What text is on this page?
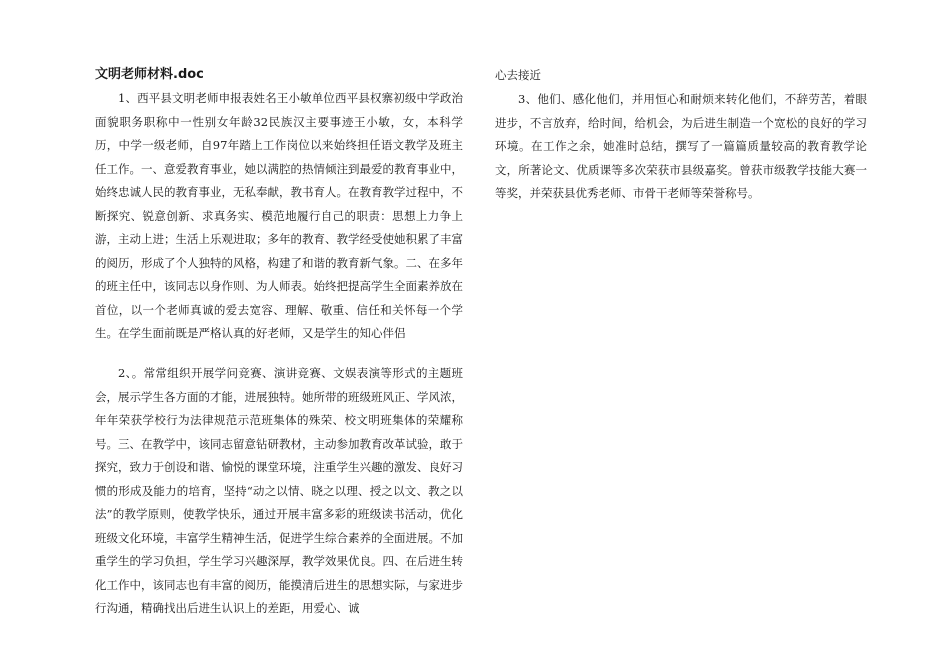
文明老师材料.doc

1、西平县文明老师申报表姓名王小敏单位西平县权寨初级中学政治面貌职务职称中一性别女年龄32民族汉主要事迹王小敏，女，本科学历，中学一级老师，自97年踏上工作岗位以来始终担任语文教学及班主任工作。一、意爱教育事业，她以满腔的热情倾注到最爱的教育事业中，始终忠诚人民的教育事业，无私奉献，教书育人。在教育教学过程中，不断探究、锐意创新、求真务实、模范地履行自己的职责：思想上力争上游，主动上进；生活上乐观进取；多年的教育、教学经受使她积累了丰富的阅历，形成了个人独特的风格，构建了和谐的教育新气象。二、在多年的班主任中，该同志以身作则、为人师表。始终把提高学生全面素养放在首位，以一个老师真诚的爱去宽容、理解、敬重、信任和关怀每一个学生。在学生面前既是严格认真的好老师，又是学生的知心伴侣

2、。常常组织开展学问竞赛、演讲竞赛、文娱表演等形式的主题班会，展示学生各方面的才能，进展独特。她所带的班级班风正、学风浓，年年荣获学校行为法律规范示范班集体的殊荣、校文明班集体的荣耀称号。三、在教学中，该同志留意钻研教材，主动参加教育改革试验，敢于探究，致力于创设和谐、愉悦的课堂环境，注重学生兴趣的激发、良好习惯的形成及能力的培育，坚持“动之以情、晓之以理、授之以文、教之以法”的教学原则，使教学快乐，通过开展丰富多彩的班级读书活动，优化班级文化环境，丰富学生精神生活，促进学生综合素养的全面进展。不加重学生的学习负担，学生学习兴趣深厚，教学效果优良。四、在后进生转化工作中，该同志也有丰富的阅历，能摸清后进生的思想实际，与家进步行沟通，精确找出后进生认识上的差距，用爱心、诚

心去接近

3、他们、感化他们，并用恒心和耐烦来转化他们，不辞劳苦，着眼进步，不言放弃，给时间，给机会，为后进生制造一个宽松的良好的学习环境。在工作之余，她准时总结，撰写了一篇篇质量较高的教育教学论文，所著论文、优质课等多次荣获市县级嘉奖。曾获市级教学技能大赛一等奖，并荣获县优秀老师、市骨干老师等荣誉称号。
